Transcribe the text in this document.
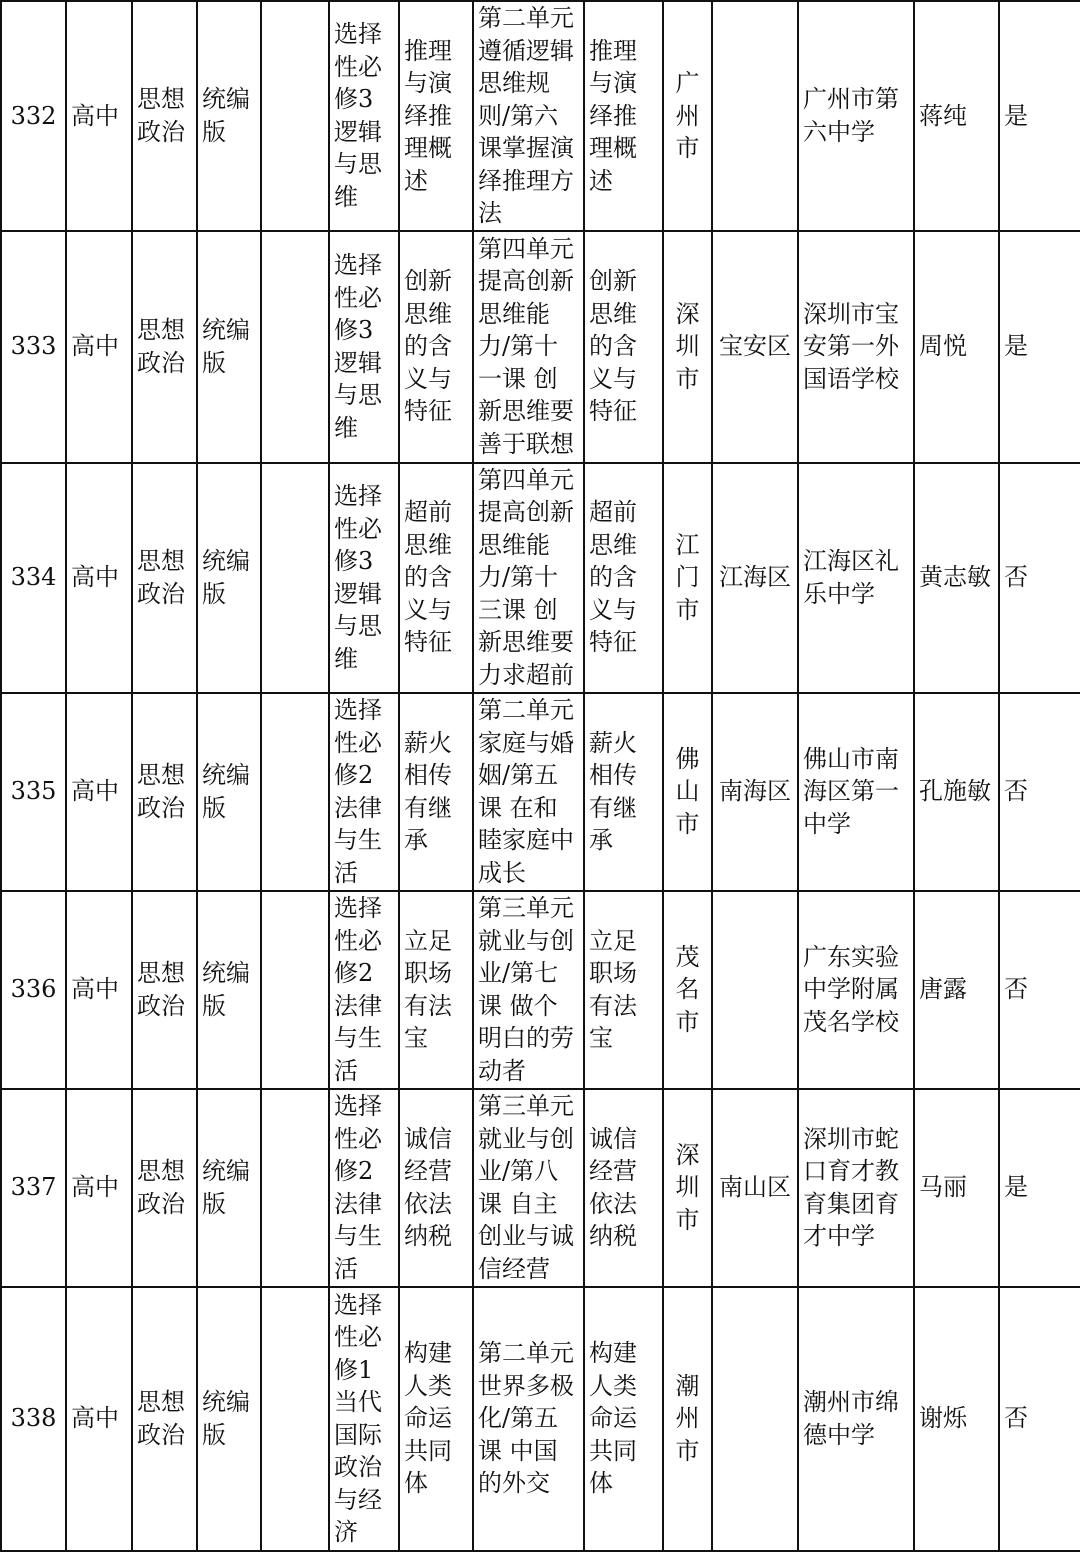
332	高中	思想政治	统编版		选择性必修3逻辑与思维	推理与演绎推理概述	第二单元遵循逻辑思维规则/第六课掌握演绎推理方法	推理与演绎推理概述	广州市		广州市第六中学	蒋纯	是
333	高中	思想政治	统编版		选择性必修3逻辑与思维	创新思维的含义与特征	第四单元提高创新思维能力/第十一课 创新思维要善于联想	创新思维的含义与特征	深圳市	宝安区	深圳市宝安第一外国语学校	周悦	是
334	高中	思想政治	统编版		选择性必修3逻辑与思维	超前思维的含义与特征	第四单元提高创新思维能力/第十三课 创新思维要力求超前	超前思维的含义与特征	江门市	江海区	江海区礼乐中学	黄志敏	否
335	高中	思想政治	统编版		选择性必修2法律与生活	薪火相传有继承	第二单元家庭与婚姻/第五课 在和睦家庭中成长	薪火相传有继承	佛山市	南海区	佛山市南海区第一中学	孔施敏	否
336	高中	思想政治	统编版		选择性必修2法律与生活	立足职场有法宝	第三单元就业与创业/第七课 做个明白的劳动者	立足职场有法宝	茂名市		广东实验中学附属茂名学校	唐露	否
337	高中	思想政治	统编版		选择性必修2法律与生活	诚信经营依法纳税	第三单元就业与创业/第八课 自主创业与诚信经营	诚信经营依法纳税	深圳市	南山区	深圳市蛇口育才教育集团育才中学	马丽	是
338	高中	思想政治	统编版		选择性必修1当代国际政治与经济	构建人类命运共同体	第二单元世界多极化/第五课 中国的外交	构建人类命运共同体	潮州市		潮州市绵德中学	谢烁	否
